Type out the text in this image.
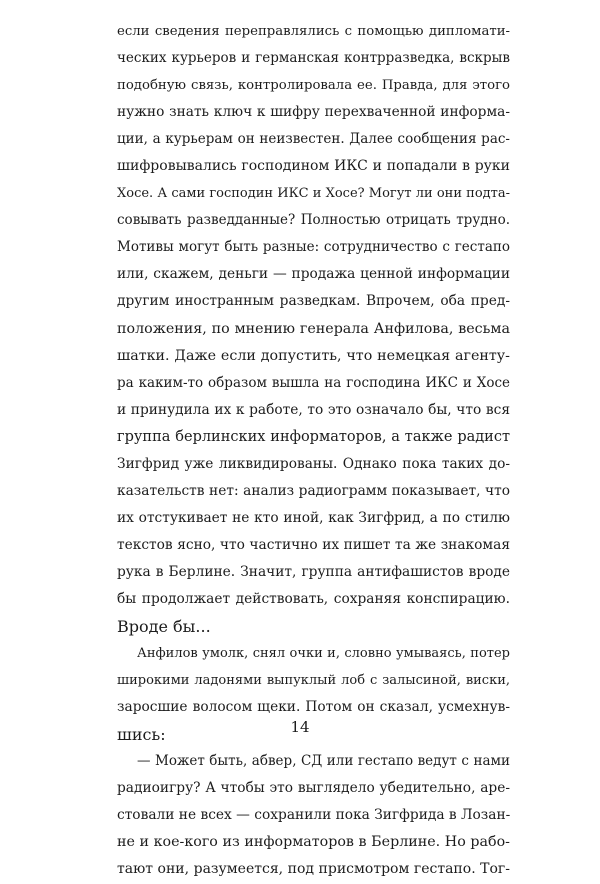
если сведения переправлялись с помощью дипломати-
ческих курьеров и германская контрразведка, вскрыв
подобную связь, контролировала ее. Правда, для этого
нужно знать ключ к шифру перехваченной информа-
ции, а курьерам он неизвестен. Далее сообщения рас-
шифровывались господином ИКС и попадали в руки
Хосе. А сами господин ИКС и Хосе? Могут ли они подта-
совывать разведданные? Полностью отрицать трудно.
Мотивы могут быть разные: сотрудничество с гестапо
или, скажем, деньги — продажа ценной информации
другим иностранным разведкам. Впрочем, оба пред-
положения, по мнению генерала Анфилова, весьма
шатки. Даже если допустить, что немецкая агенту-
ра каким-то образом вышла на господина ИКС и Хосе
и принудила их к работе, то это означало бы, что вся
группа берлинских информаторов, а также радист
Зигфрид уже ликвидированы. Однако пока таких до-
казательств нет: анализ радиограмм показывает, что
их отстукивает не кто иной, как Зигфрид, а по стилю
текстов ясно, что частично их пишет та же знакомая
рука в Берлине. Значит, группа антифашистов вроде
бы продолжает действовать, сохраняя конспирацию.
Вроде бы...
Анфилов умолк, снял очки и, словно умываясь, потер
широкими ладонями выпуклый лоб с залысиной, виски,
заросшие волосом щеки. Потом он сказал, усмехнув-
шись:
— Может быть, абвер, СД или гестапо ведут с нами
радиоигру? А чтобы это выглядело убедительно, аре-
стовали не всех — сохранили пока Зигфрида в Лозан-
не и кое-кого из информаторов в Берлине. Но рабо-
тают они, разумеется, под присмотром гестапо. Тог-
14
